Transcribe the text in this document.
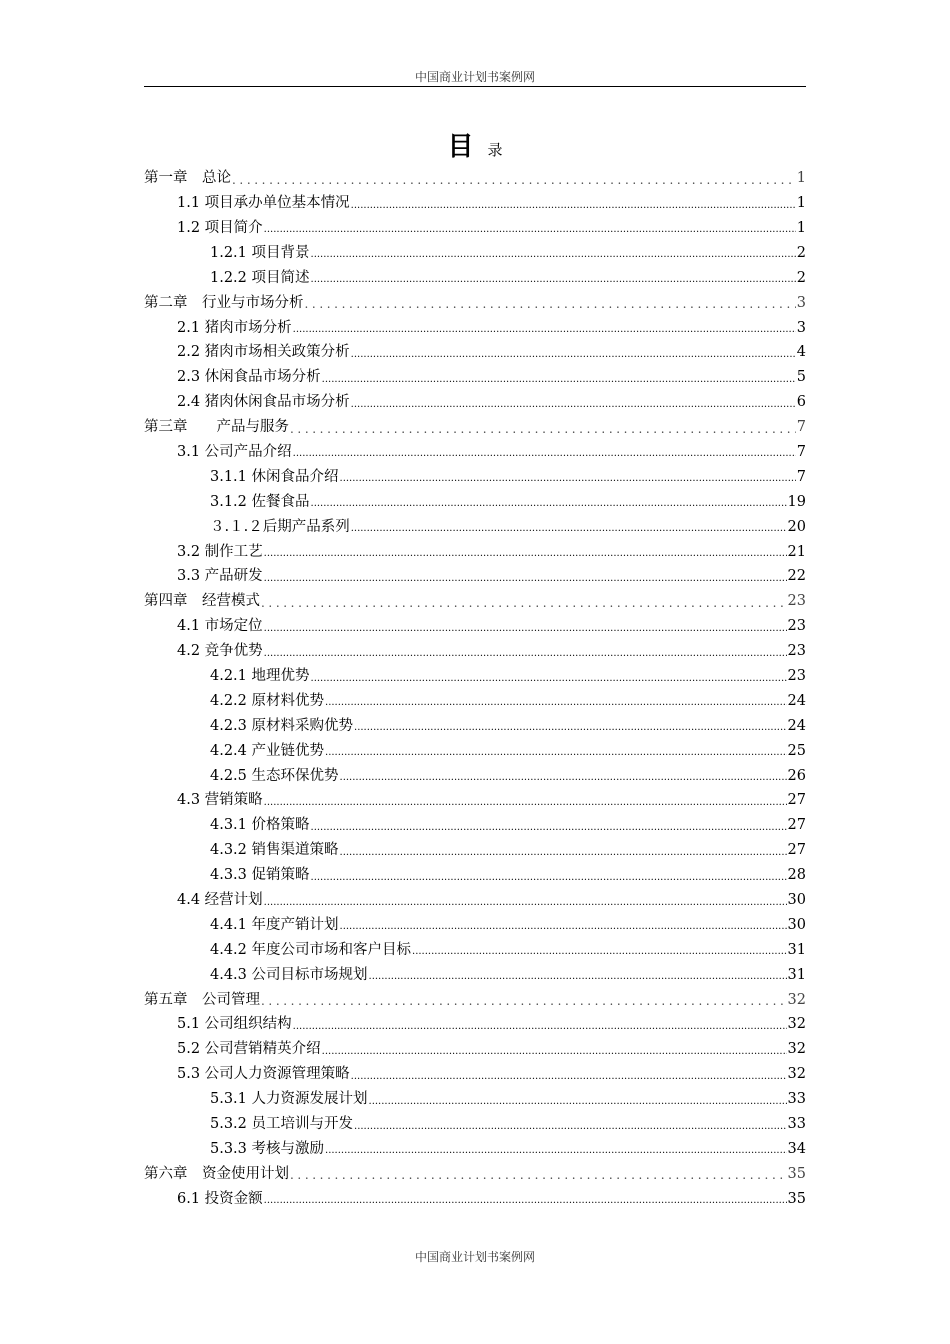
中国商业计划书案例网
目录
第一章　总论 .....	1
1.1 项目承办单位基本情况 .....	1
1.2 项目简介 .....	1
1.2.1 项目背景 .....	2
1.2.2 项目简述 .....	2
第二章　行业与市场分析 .....	3
2.1 猪肉市场分析 .....	3
2.2 猪肉市场相关政策分析 .....	4
2.3 休闲食品市场分析 .....	5
2.4 猪肉休闲食品市场分析 .....	6
第三章　　产品与服务 .....	7
3.1 公司产品介绍 .....	7
3.1.1 休闲食品介绍 .....	7
3.1.2 佐餐食品 .....	19
３.１.２后期产品系列 .....	20
3.2 制作工艺 .....	21
3.3 产品研发 .....	22
第四章　经营模式 .....	23
4.1 市场定位 .....	23
4.2 竞争优势 .....	23
4.2.1 地理优势 .....	23
4.2.2 原材料优势 .....	24
4.2.3 原材料采购优势 .....	24
4.2.4 产业链优势 .....	25
4.2.5 生态环保优势 .....	26
4.3 营销策略 .....	27
4.3.1 价格策略 .....	27
4.3.2 销售渠道策略 .....	27
4.3.3 促销策略 .....	28
4.4 经营计划 .....	30
4.4.1 年度产销计划 .....	30
4.4.2 年度公司市场和客户目标 .....	31
4.4.3 公司目标市场规划 .....	31
第五章　公司管理 .....	32
5.1 公司组织结构 .....	32
5.2 公司营销精英介绍 .....	32
5.3 公司人力资源管理策略 .....	32
5.3.1 人力资源发展计划 .....	33
5.3.2 员工培训与开发 .....	33
5.3.3 考核与激励 .....	34
第六章　资金使用计划 .....	35
6.1 投资金额 .....	35
中国商业计划书案例网
